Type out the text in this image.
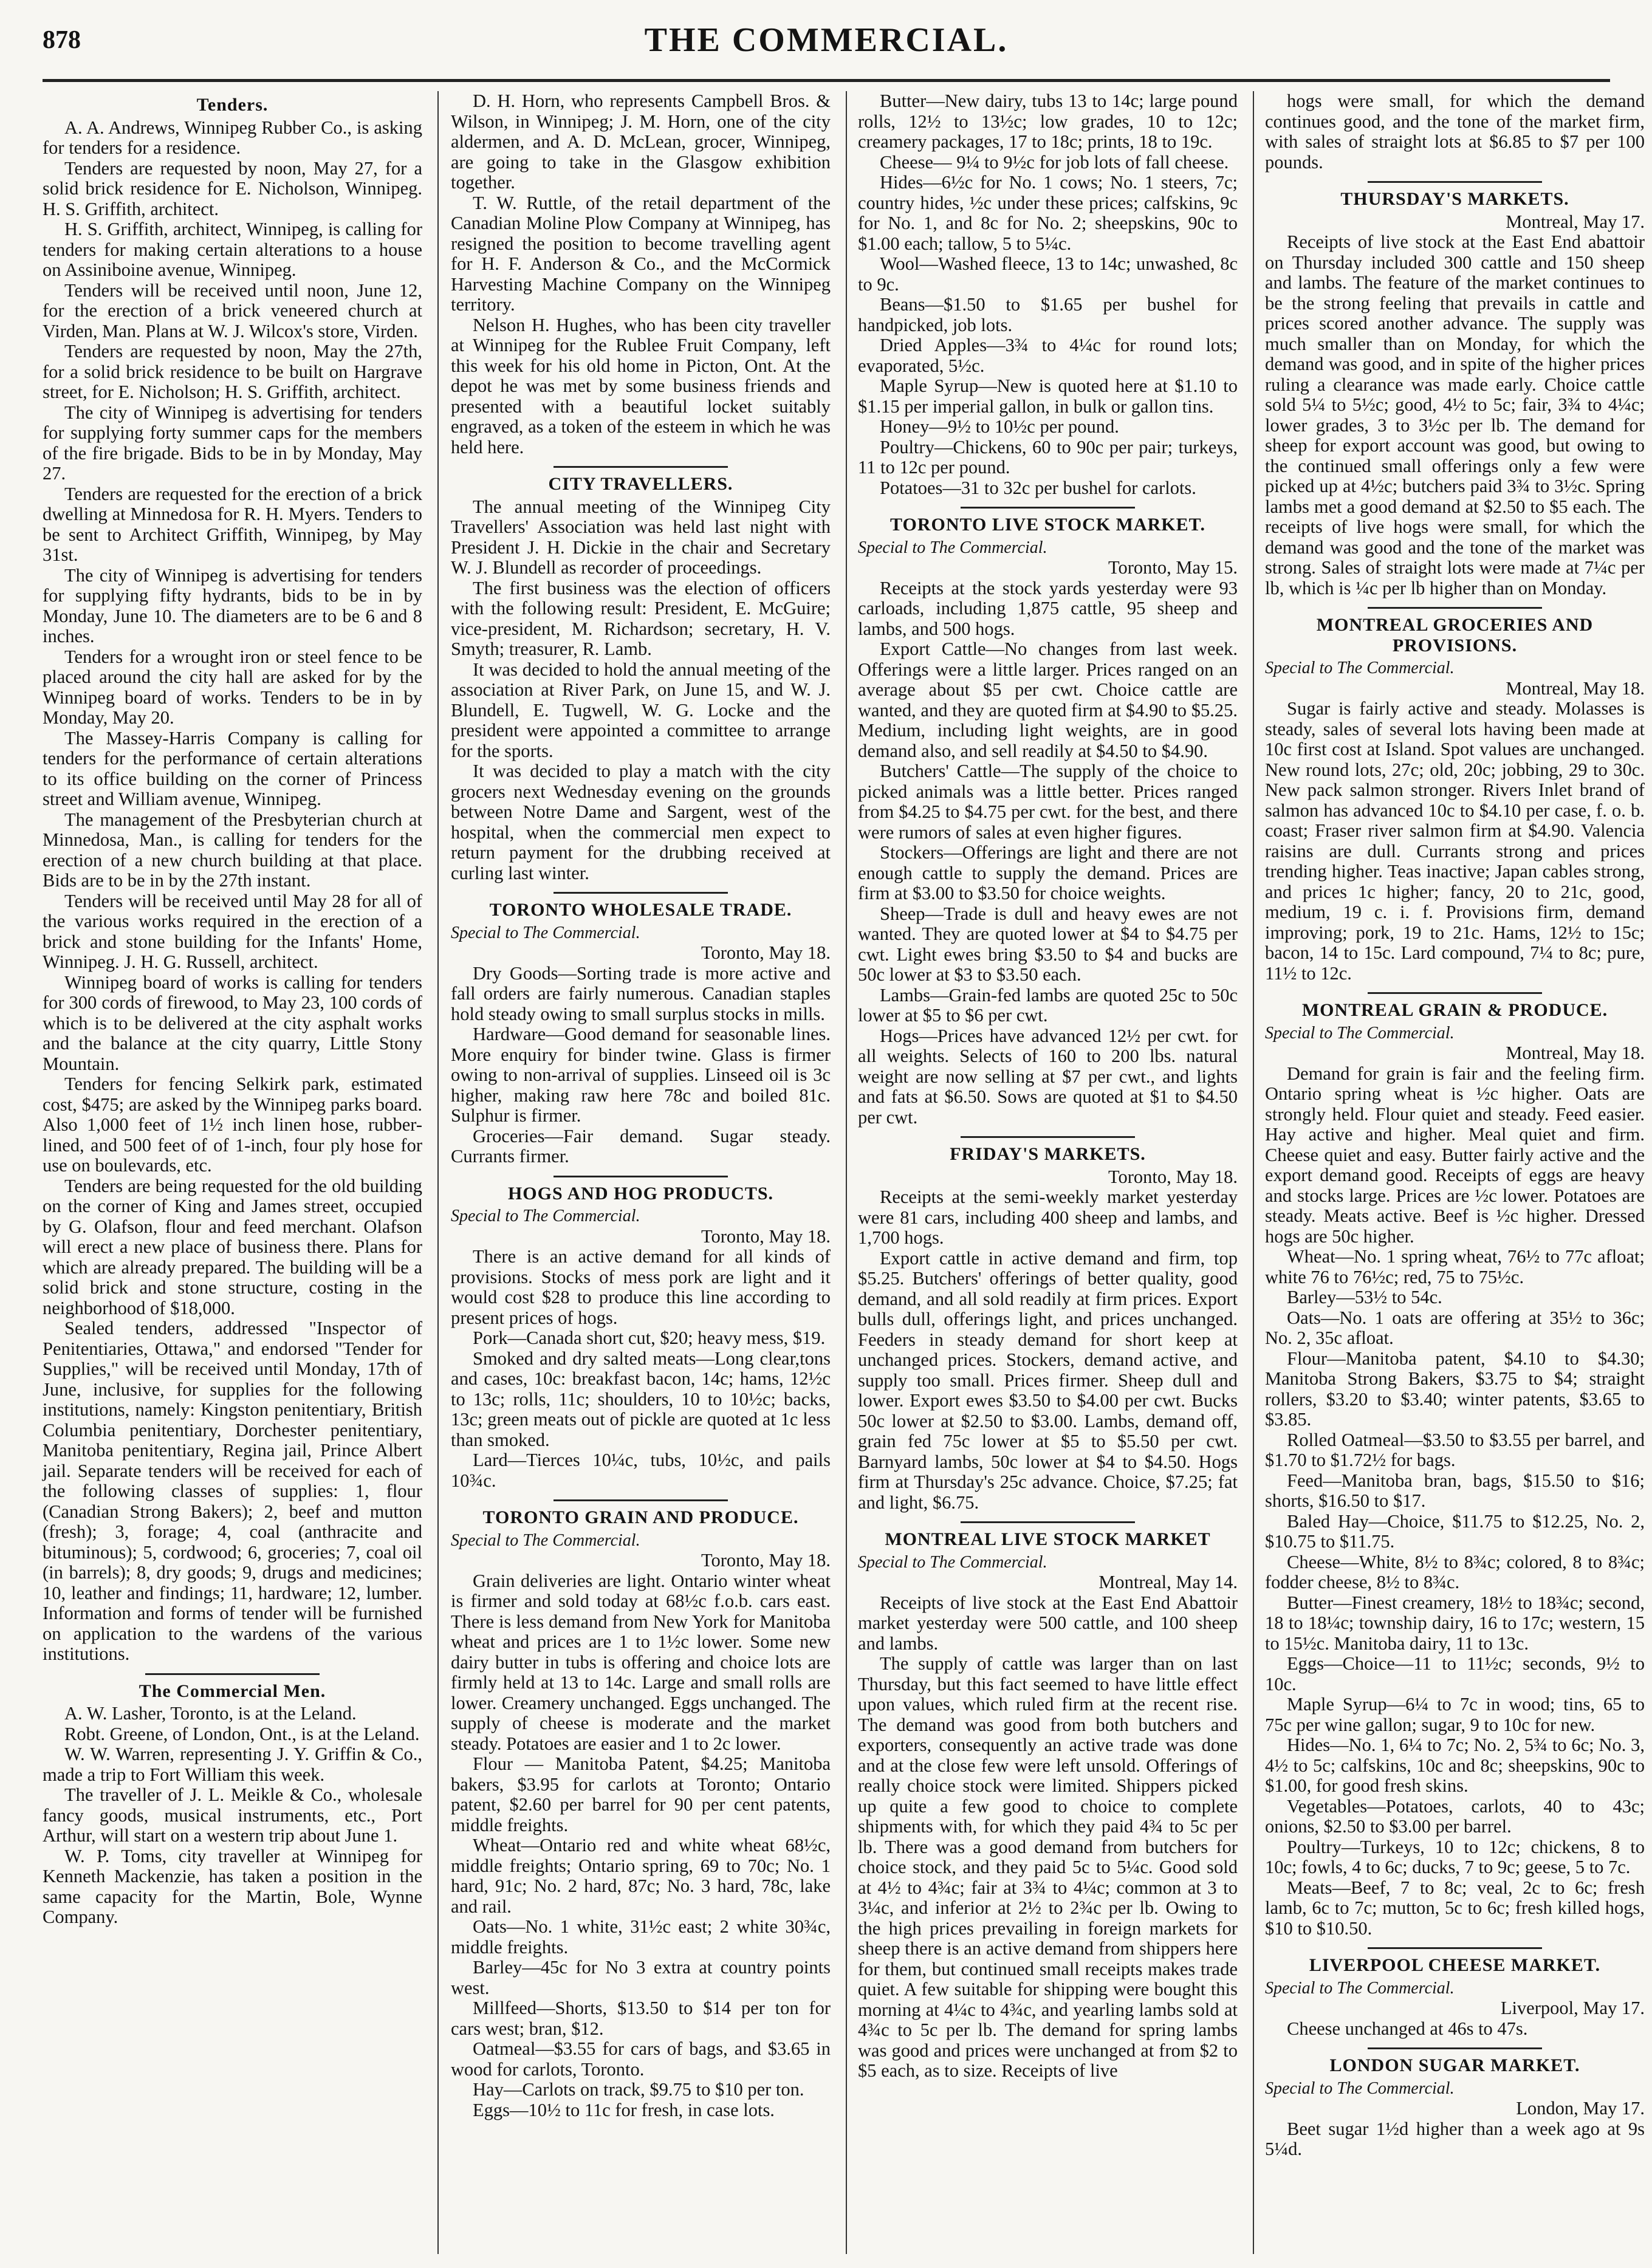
878	THE COMMERCIAL.
Tenders.

A. A. Andrews, Winnipeg Rubber Co., is asking for tenders for a residence.

Tenders are requested by noon, May 27, for a solid brick residence for E. Nicholson, Winnipeg. H. S. Griffith, architect.

H. S. Griffith, architect, Winnipeg, is calling for tenders for making certain alterations to a house on Assiniboine avenue, Winnipeg.

Tenders will be received until noon, June 12, for the erection of a brick veneered church at Virden, Man. Plans at W. J. Wilcox's store, Virden.

Tenders are requested by noon, May the 27th, for a solid brick residence to be built on Hargrave street, for E. Nicholson; H. S. Griffith, architect.

The city of Winnipeg is advertising for tenders for supplying forty summer caps for the members of the fire brigade. Bids to be in by Monday, May 27.

Tenders are requested for the erection of a brick dwelling at Minnedosa for R. H. Myers. Tenders to be sent to Architect Griffith, Winnipeg, by May 31st.

The city of Winnipeg is advertising for tenders for supplying fifty hydrants, bids to be in by Monday, June 10. The diameters are to be 6 and 8 inches.

Tenders for a wrought iron or steel fence to be placed around the city hall are asked for by the Winnipeg board of works. Tenders to be in by Monday, May 20.

The Massey-Harris Company is calling for tenders for the performance of certain alterations to its office building on the corner of Princess street and William avenue, Winnipeg.

The management of the Presbyterian church at Minnedosa, Man., is calling for tenders for the erection of a new church building at that place. Bids are to be in by the 27th instant.

Tenders will be received until May 28 for all of the various works required in the erection of a brick and stone building for the Infants' Home, Winnipeg. J. H. G. Russell, architect.

Winnipeg board of works is calling for tenders for 300 cords of firewood, to May 23, 100 cords of which is to be delivered at the city asphalt works and the balance at the city quarry, Little Stony Mountain.

Tenders for fencing Selkirk park, estimated cost, $475; are asked by the Winnipeg parks board. Also 1,000 feet of 1½ inch linen hose, rubber-lined, and 500 feet of of 1-inch, four ply hose for use on boulevards, etc.

Tenders are being requested for the old building on the corner of King and James street, occupied by G. Olafson, flour and feed merchant. Olafson will erect a new place of business there. Plans for which are already prepared. The building will be a solid brick and stone structure, costing in the neighborhood of $18,000.

Sealed tenders, addressed "Inspector of Penitentiaries, Ottawa," and endorsed "Tender for Supplies," will be received until Monday, 17th of June, inclusive, for supplies for the following institutions, namely: Kingston penitentiary, British Columbia penitentiary, Dorchester penitentiary, Manitoba penitentiary, Regina jail, Prince Albert jail. Separate tenders will be received for each of the following classes of supplies: 1, flour (Canadian Strong Bakers); 2, beef and mutton (fresh); 3, forage; 4, coal (anthracite and bituminous); 5, cordwood; 6, groceries; 7, coal oil (in barrels); 8, dry goods; 9, drugs and medicines; 10, leather and findings; 11, hardware; 12, lumber. Information and forms of tender will be furnished on application to the wardens of the various institutions.

The Commercial Men.

A. W. Lasher, Toronto, is at the Leland.

Robt. Greene, of London, Ont., is at the Leland.

W. W. Warren, representing J. Y. Griffin & Co., made a trip to Fort William this week.

The traveller of J. L. Meikle & Co., wholesale fancy goods, musical instruments, etc., Port Arthur, will start on a western trip about June 1.

W. P. Toms, city traveller at Winnipeg for Kenneth Mackenzie, has taken a position in the same capacity for the Martin, Bole, Wynne Company.

D. H. Horn, who represents Campbell Bros. & Wilson, in Winnipeg; J. M. Horn, one of the city aldermen, and A. D. McLean, grocer, Winnipeg, are going to take in the Glasgow exhibition together.

T. W. Ruttle, of the retail department of the Canadian Moline Plow Company at Winnipeg, has resigned the position to become travelling agent for H. F. Anderson & Co., and the McCormick Harvesting Machine Company on the Winnipeg territory.

Nelson H. Hughes, who has been city traveller at Winnipeg for the Rublee Fruit Company, left this week for his old home in Picton, Ont. At the depot he was met by some business friends and presented with a beautiful locket suitably engraved, as a token of the esteem in which he was held here.

CITY TRAVELLERS.

The annual meeting of the Winnipeg City Travellers' Association was held last night with President J. H. Dickie in the chair and Secretary W. J. Blundell as recorder of proceedings.

The first business was the election of officers with the following result: President, E. McGuire; vice-president, M. Richardson; secretary, H. V. Smyth; treasurer, R. Lamb.

It was decided to hold the annual meeting of the association at River Park, on June 15, and W. J. Blundell, E. Tugwell, W. G. Locke and the president were appointed a committee to arrange for the sports.

It was decided to play a match with the city grocers next Wednesday evening on the grounds between Notre Dame and Sargent, west of the hospital, when the commercial men expect to return payment for the drubbing received at curling last winter.

TORONTO WHOLESALE TRADE.

Special to The Commercial.

Toronto, May 18.

Dry Goods—Sorting trade is more active and fall orders are fairly numerous. Canadian staples hold steady owing to small surplus stocks in mills.

Hardware—Good demand for seasonable lines. More enquiry for binder twine. Glass is firmer owing to non-arrival of supplies. Linseed oil is 3c higher, making raw here 78c and boiled 81c. Sulphur is firmer.

Groceries—Fair demand. Sugar steady. Currants firmer.

HOGS AND HOG PRODUCTS.

Special to The Commercial.

Toronto, May 18.

There is an active demand for all kinds of provisions. Stocks of mess pork are light and it would cost $28 to produce this line according to present prices of hogs.

Pork—Canada short cut, $20; heavy mess, $19.

Smoked and dry salted meats—Long clear,tons and cases, 10c: breakfast bacon, 14c; hams, 12½c to 13c; rolls, 11c; shoulders, 10 to 10½c; backs, 13c; green meats out of pickle are quoted at 1c less than smoked.

Lard—Tierces 10¼c, tubs, 10½c, and pails 10¾c.

TORONTO GRAIN AND PRODUCE.

Special to The Commercial.

Toronto, May 18.

Grain deliveries are light. Ontario winter wheat is firmer and sold today at 68½c f.o.b. cars east. There is less demand from New York for Manitoba wheat and prices are 1 to 1½c lower. Some new dairy butter in tubs is offering and choice lots are firmly held at 13 to 14c. Large and small rolls are lower. Creamery unchanged. Eggs unchanged. The supply of cheese is moderate and the market steady. Potatoes are easier and 1 to 2c lower.

Flour — Manitoba Patent, $4.25; Manitoba bakers, $3.95 for carlots at Toronto; Ontario patent, $2.60 per barrel for 90 per cent patents, middle freights.

Wheat—Ontario red and white wheat 68½c, middle freights; Ontario spring, 69 to 70c; No. 1 hard, 91c; No. 2 hard, 87c; No. 3 hard, 78c, lake and rail.

Oats—No. 1 white, 31½c east; 2 white 30¾c, middle freights.

Barley—45c for No 3 extra at country points west.

Millfeed—Shorts, $13.50 to $14 per ton for cars west; bran, $12.

Oatmeal—$3.55 for cars of bags, and $3.65 in wood for carlots, Toronto.

Hay—Carlots on track, $9.75 to $10 per ton.

Eggs—10½ to 11c for fresh, in case lots.

Butter—New dairy, tubs 13 to 14c; large pound rolls, 12½ to 13½c; low grades, 10 to 12c; creamery packages, 17 to 18c; prints, 18 to 19c.

Cheese— 9¼ to 9½c for job lots of fall cheese.

Hides—6½c for No. 1 cows; No. 1 steers, 7c; country hides, ½c under these prices; calfskins, 9c for No. 1, and 8c for No. 2; sheepskins, 90c to $1.00 each; tallow, 5 to 5¼c.

Wool—Washed fleece, 13 to 14c; unwashed, 8c to 9c.

Beans—$1.50 to $1.65 per bushel for handpicked, job lots.

Dried Apples—3¾ to 4¼c for round lots; evaporated, 5½c.

Maple Syrup—New is quoted here at $1.10 to $1.15 per imperial gallon, in bulk or gallon tins.

Honey—9½ to 10½c per pound.

Poultry—Chickens, 60 to 90c per pair; turkeys, 11 to 12c per pound.

Potatoes—31 to 32c per bushel for carlots.

TORONTO LIVE STOCK MARKET.

Special to The Commercial.

Toronto, May 15.

Receipts at the stock yards yesterday were 93 carloads, including 1,875 cattle, 95 sheep and lambs, and 500 hogs.

Export Cattle—No changes from last week. Offerings were a little larger. Prices ranged on an average about $5 per cwt. Choice cattle are wanted, and they are quoted firm at $4.90 to $5.25. Medium, including light weights, are in good demand also, and sell readily at $4.50 to $4.90.

Butchers' Cattle—The supply of the choice to picked animals was a little better. Prices ranged from $4.25 to $4.75 per cwt. for the best, and there were rumors of sales at even higher figures.

Stockers—Offerings are light and there are not enough cattle to supply the demand. Prices are firm at $3.00 to $3.50 for choice weights.

Sheep—Trade is dull and heavy ewes are not wanted. They are quoted lower at $4 to $4.75 per cwt. Light ewes bring $3.50 to $4 and bucks are 50c lower at $3 to $3.50 each.

Lambs—Grain-fed lambs are quoted 25c to 50c lower at $5 to $6 per cwt.

Hogs—Prices have advanced 12½ per cwt. for all weights. Selects of 160 to 200 lbs. natural weight are now selling at $7 per cwt., and lights and fats at $6.50. Sows are quoted at $1 to $4.50 per cwt.

FRIDAY'S MARKETS.

Toronto, May 18.

Receipts at the semi-weekly market yesterday were 81 cars, including 400 sheep and lambs, and 1,700 hogs.

Export cattle in active demand and firm, top $5.25. Butchers' offerings of better quality, good demand, and all sold readily at firm prices. Export bulls dull, offerings light, and prices unchanged. Feeders in steady demand for short keep at unchanged prices. Stockers, demand active, and supply too small. Prices firmer. Sheep dull and lower. Export ewes $3.50 to $4.00 per cwt. Bucks 50c lower at $2.50 to $3.00. Lambs, demand off, grain fed 75c lower at $5 to $5.50 per cwt. Barnyard lambs, 50c lower at $4 to $4.50. Hogs firm at Thursday's 25c advance. Choice, $7.25; fat and light, $6.75.

MONTREAL LIVE STOCK MARKET

Special to The Commercial.

Montreal, May 14.

Receipts of live stock at the East End Abattoir market yesterday were 500 cattle, and 100 sheep and lambs.

The supply of cattle was larger than on last Thursday, but this fact seemed to have little effect upon values, which ruled firm at the recent rise. The demand was good from both butchers and exporters, consequently an active trade was done and at the close few were left unsold. Offerings of really choice stock were limited. Shippers picked up quite a few good to choice to complete shipments with, for which they paid 4¾ to 5c per lb. There was a good demand from butchers for choice stock, and they paid 5c to 5¼c. Good sold at 4½ to 4¾c; fair at 3¾ to 4¼c; common at 3 to 3¼c, and inferior at 2½ to 2¾c per lb. Owing to the high prices prevailing in foreign markets for sheep there is an active demand from shippers here for them, but continued small receipts makes trade quiet. A few suitable for shipping were bought this morning at 4¼c to 4¾c, and yearling lambs sold at 4¾c to 5c per lb. The demand for spring lambs was good and prices were unchanged at from $2 to $5 each, as to size. Receipts of live

hogs were small, for which the demand continues good, and the tone of the market firm, with sales of straight lots at $6.85 to $7 per 100 pounds.

THURSDAY'S MARKETS.

Montreal, May 17.

Receipts of live stock at the East End abattoir on Thursday included 300 cattle and 150 sheep and lambs. The feature of the market continues to be the strong feeling that prevails in cattle and prices scored another advance. The supply was much smaller than on Monday, for which the demand was good, and in spite of the higher prices ruling a clearance was made early. Choice cattle sold 5¼ to 5½c; good, 4½ to 5c; fair, 3¾ to 4¼c; lower grades, 3 to 3½c per lb. The demand for sheep for export account was good, but owing to the continued small offerings only a few were picked up at 4½c; butchers paid 3¾ to 3½c. Spring lambs met a good demand at $2.50 to $5 each. The receipts of live hogs were small, for which the demand was good and the tone of the market was strong. Sales of straight lots were made at 7¼c per lb, which is ¼c per lb higher than on Monday.

MONTREAL GROCERIES AND PROVISIONS.

Special to The Commercial.

Montreal, May 18.

Sugar is fairly active and steady. Molasses is steady, sales of several lots having been made at 10c first cost at Island. Spot values are unchanged. New round lots, 27c; old, 20c; jobbing, 29 to 30c. New pack salmon stronger. Rivers Inlet brand of salmon has advanced 10c to $4.10 per case, f. o. b. coast; Fraser river salmon firm at $4.90. Valencia raisins are dull. Currants strong and prices trending higher. Teas inactive; Japan cables strong, and prices 1c higher; fancy, 20 to 21c, good, medium, 19 c. i. f. Provisions firm, demand improving; pork, 19 to 21c. Hams, 12½ to 15c; bacon, 14 to 15c. Lard compound, 7¼ to 8c; pure, 11½ to 12c.

MONTREAL GRAIN & PRODUCE.

Special to The Commercial.

Montreal, May 18.

Demand for grain is fair and the feeling firm. Ontario spring wheat is ½c higher. Oats are strongly held. Flour quiet and steady. Feed easier. Hay active and higher. Meal quiet and firm. Cheese quiet and easy. Butter fairly active and the export demand good. Receipts of eggs are heavy and stocks large. Prices are ½c lower. Potatoes are steady. Meats active. Beef is ½c higher. Dressed hogs are 50c higher.

Wheat—No. 1 spring wheat, 76½ to 77c afloat; white 76 to 76½c; red, 75 to 75½c.

Barley—53½ to 54c.

Oats—No. 1 oats are offering at 35½ to 36c; No. 2, 35c afloat.

Flour—Manitoba patent, $4.10 to $4.30; Manitoba Strong Bakers, $3.75 to $4; straight rollers, $3.20 to $3.40; winter patents, $3.65 to $3.85.

Rolled Oatmeal—$3.50 to $3.55 per barrel, and $1.70 to $1.72½ for bags.

Feed—Manitoba bran, bags, $15.50 to $16; shorts, $16.50 to $17.

Baled Hay—Choice, $11.75 to $12.25, No. 2, $10.75 to $11.75.

Cheese—White, 8½ to 8¾c; colored, 8 to 8¾c; fodder cheese, 8½ to 8¾c.

Butter—Finest creamery, 18½ to 18¾c; second, 18 to 18¼c; township dairy, 16 to 17c; western, 15 to 15½c. Manitoba dairy, 11 to 13c.

Eggs—Choice—11 to 11½c; seconds, 9½ to 10c.

Maple Syrup—6¼ to 7c in wood; tins, 65 to 75c per wine gallon; sugar, 9 to 10c for new.

Hides—No. 1, 6¼ to 7c; No. 2, 5¾ to 6c; No. 3, 4½ to 5c; calfskins, 10c and 8c; sheepskins, 90c to $1.00, for good fresh skins.

Vegetables—Potatoes, carlots, 40 to 43c; onions, $2.50 to $3.00 per barrel.

Poultry—Turkeys, 10 to 12c; chickens, 8 to 10c; fowls, 4 to 6c; ducks, 7 to 9c; geese, 5 to 7c.

Meats—Beef, 7 to 8c; veal, 2c to 6c; fresh lamb, 6c to 7c; mutton, 5c to 6c; fresh killed hogs, $10 to $10.50.

LIVERPOOL CHEESE MARKET.

Special to The Commercial.

Liverpool, May 17.

Cheese unchanged at 46s to 47s.

LONDON SUGAR MARKET.

Special to The Commercial.

London, May 17.

Beet sugar 1½d higher than a week ago at 9s 5¼d.
